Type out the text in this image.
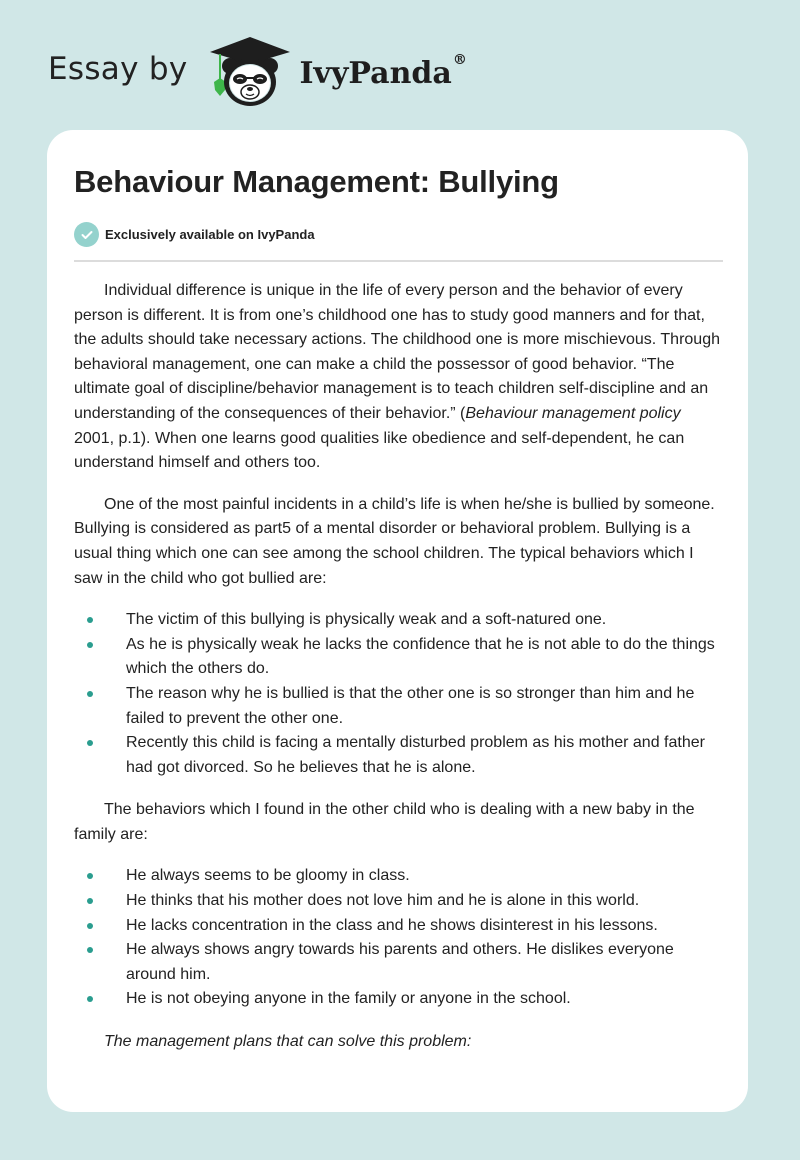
Essay by	IvyPanda®
Behaviour Management: Bullying
Exclusively available on IvyPanda

Individual difference is unique in the life of every person and the behavior of every person is different. It is from one’s childhood one has to study good manners and for that, the adults should take necessary actions. The childhood one is more mischievous. Through behavioral management, one can make a child the possessor of good behavior. “The ultimate goal of discipline/behavior management is to teach children self-discipline and an understanding of the consequences of their behavior.” (Behaviour management policy 2001, p.1). When one learns good qualities like obedience and self-dependent, he can understand himself and others too.

One of the most painful incidents in a child’s life is when he/she is bullied by someone. Bullying is considered as part5 of a mental disorder or behavioral problem. Bullying is a usual thing which one can see among the school children. The typical behaviors which I saw in the child who got bullied are:

The victim of this bullying is physically weak and a soft-natured one.
As he is physically weak he lacks the confidence that he is not able to do the things which the others do.
The reason why he is bullied is that the other one is so stronger than him and he failed to prevent the other one.
Recently this child is facing a mentally disturbed problem as his mother and father had got divorced. So he believes that he is alone.

The behaviors which I found in the other child who is dealing with a new baby in the family are:

He always seems to be gloomy in class.
He thinks that his mother does not love him and he is alone in this world.
He lacks concentration in the class and he shows disinterest in his lessons.
He always shows angry towards his parents and others. He dislikes everyone around him.
He is not obeying anyone in the family or anyone in the school.

The management plans that can solve this problem:
